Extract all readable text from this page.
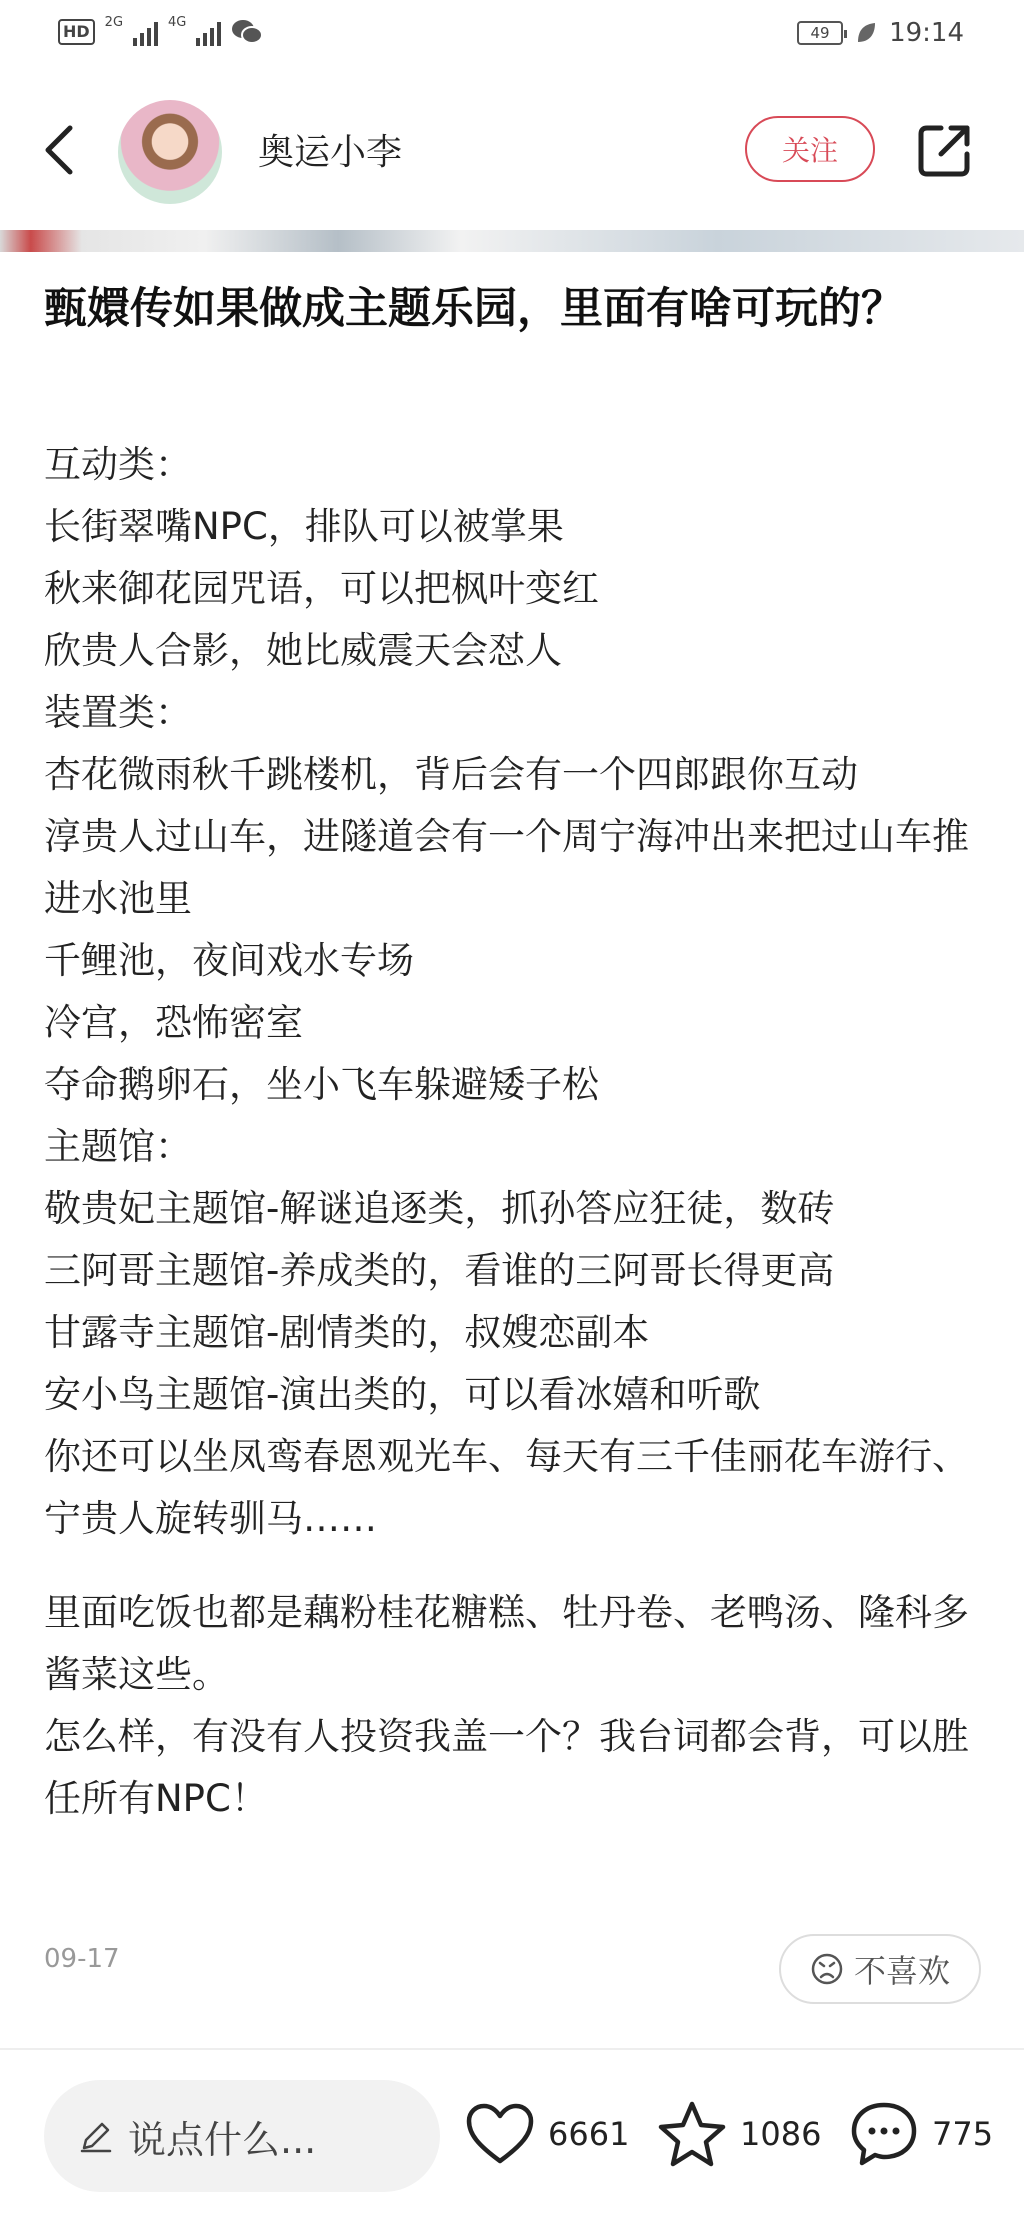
HD	2G	4G
49 19:14
奥运小李	关注
甄嬛传如果做成主题乐园，里面有啥可玩的？

互动类：

长街翠嘴NPC，排队可以被掌果

秋来御花园咒语，可以把枫叶变红

欣贵人合影，她比威震天会怼人

装置类：

杏花微雨秋千跳楼机，背后会有一个四郎跟你互动

淳贵人过山车，进隧道会有一个周宁海冲出来把过山车推进水池里

千鲤池，夜间戏水专场

冷宫，恐怖密室

夺命鹅卵石，坐小飞车躲避矮子松

主题馆：

敬贵妃主题馆-解谜追逐类，抓孙答应狂徒，数砖

三阿哥主题馆-养成类的，看谁的三阿哥长得更高

甘露寺主题馆-剧情类的，叔嫂恋副本

安小鸟主题馆-演出类的，可以看冰嬉和听歌

你还可以坐凤鸾春恩观光车、每天有三千佳丽花车游行、宁贵人旋转驯马……

里面吃饭也都是藕粉桂花糖糕、牡丹卷、老鸭汤、隆科多酱菜这些。

怎么样，有没有人投资我盖一个？我台词都会背，可以胜任所有NPC！

09-17	不喜欢
说点什么...	6661	1086	775
